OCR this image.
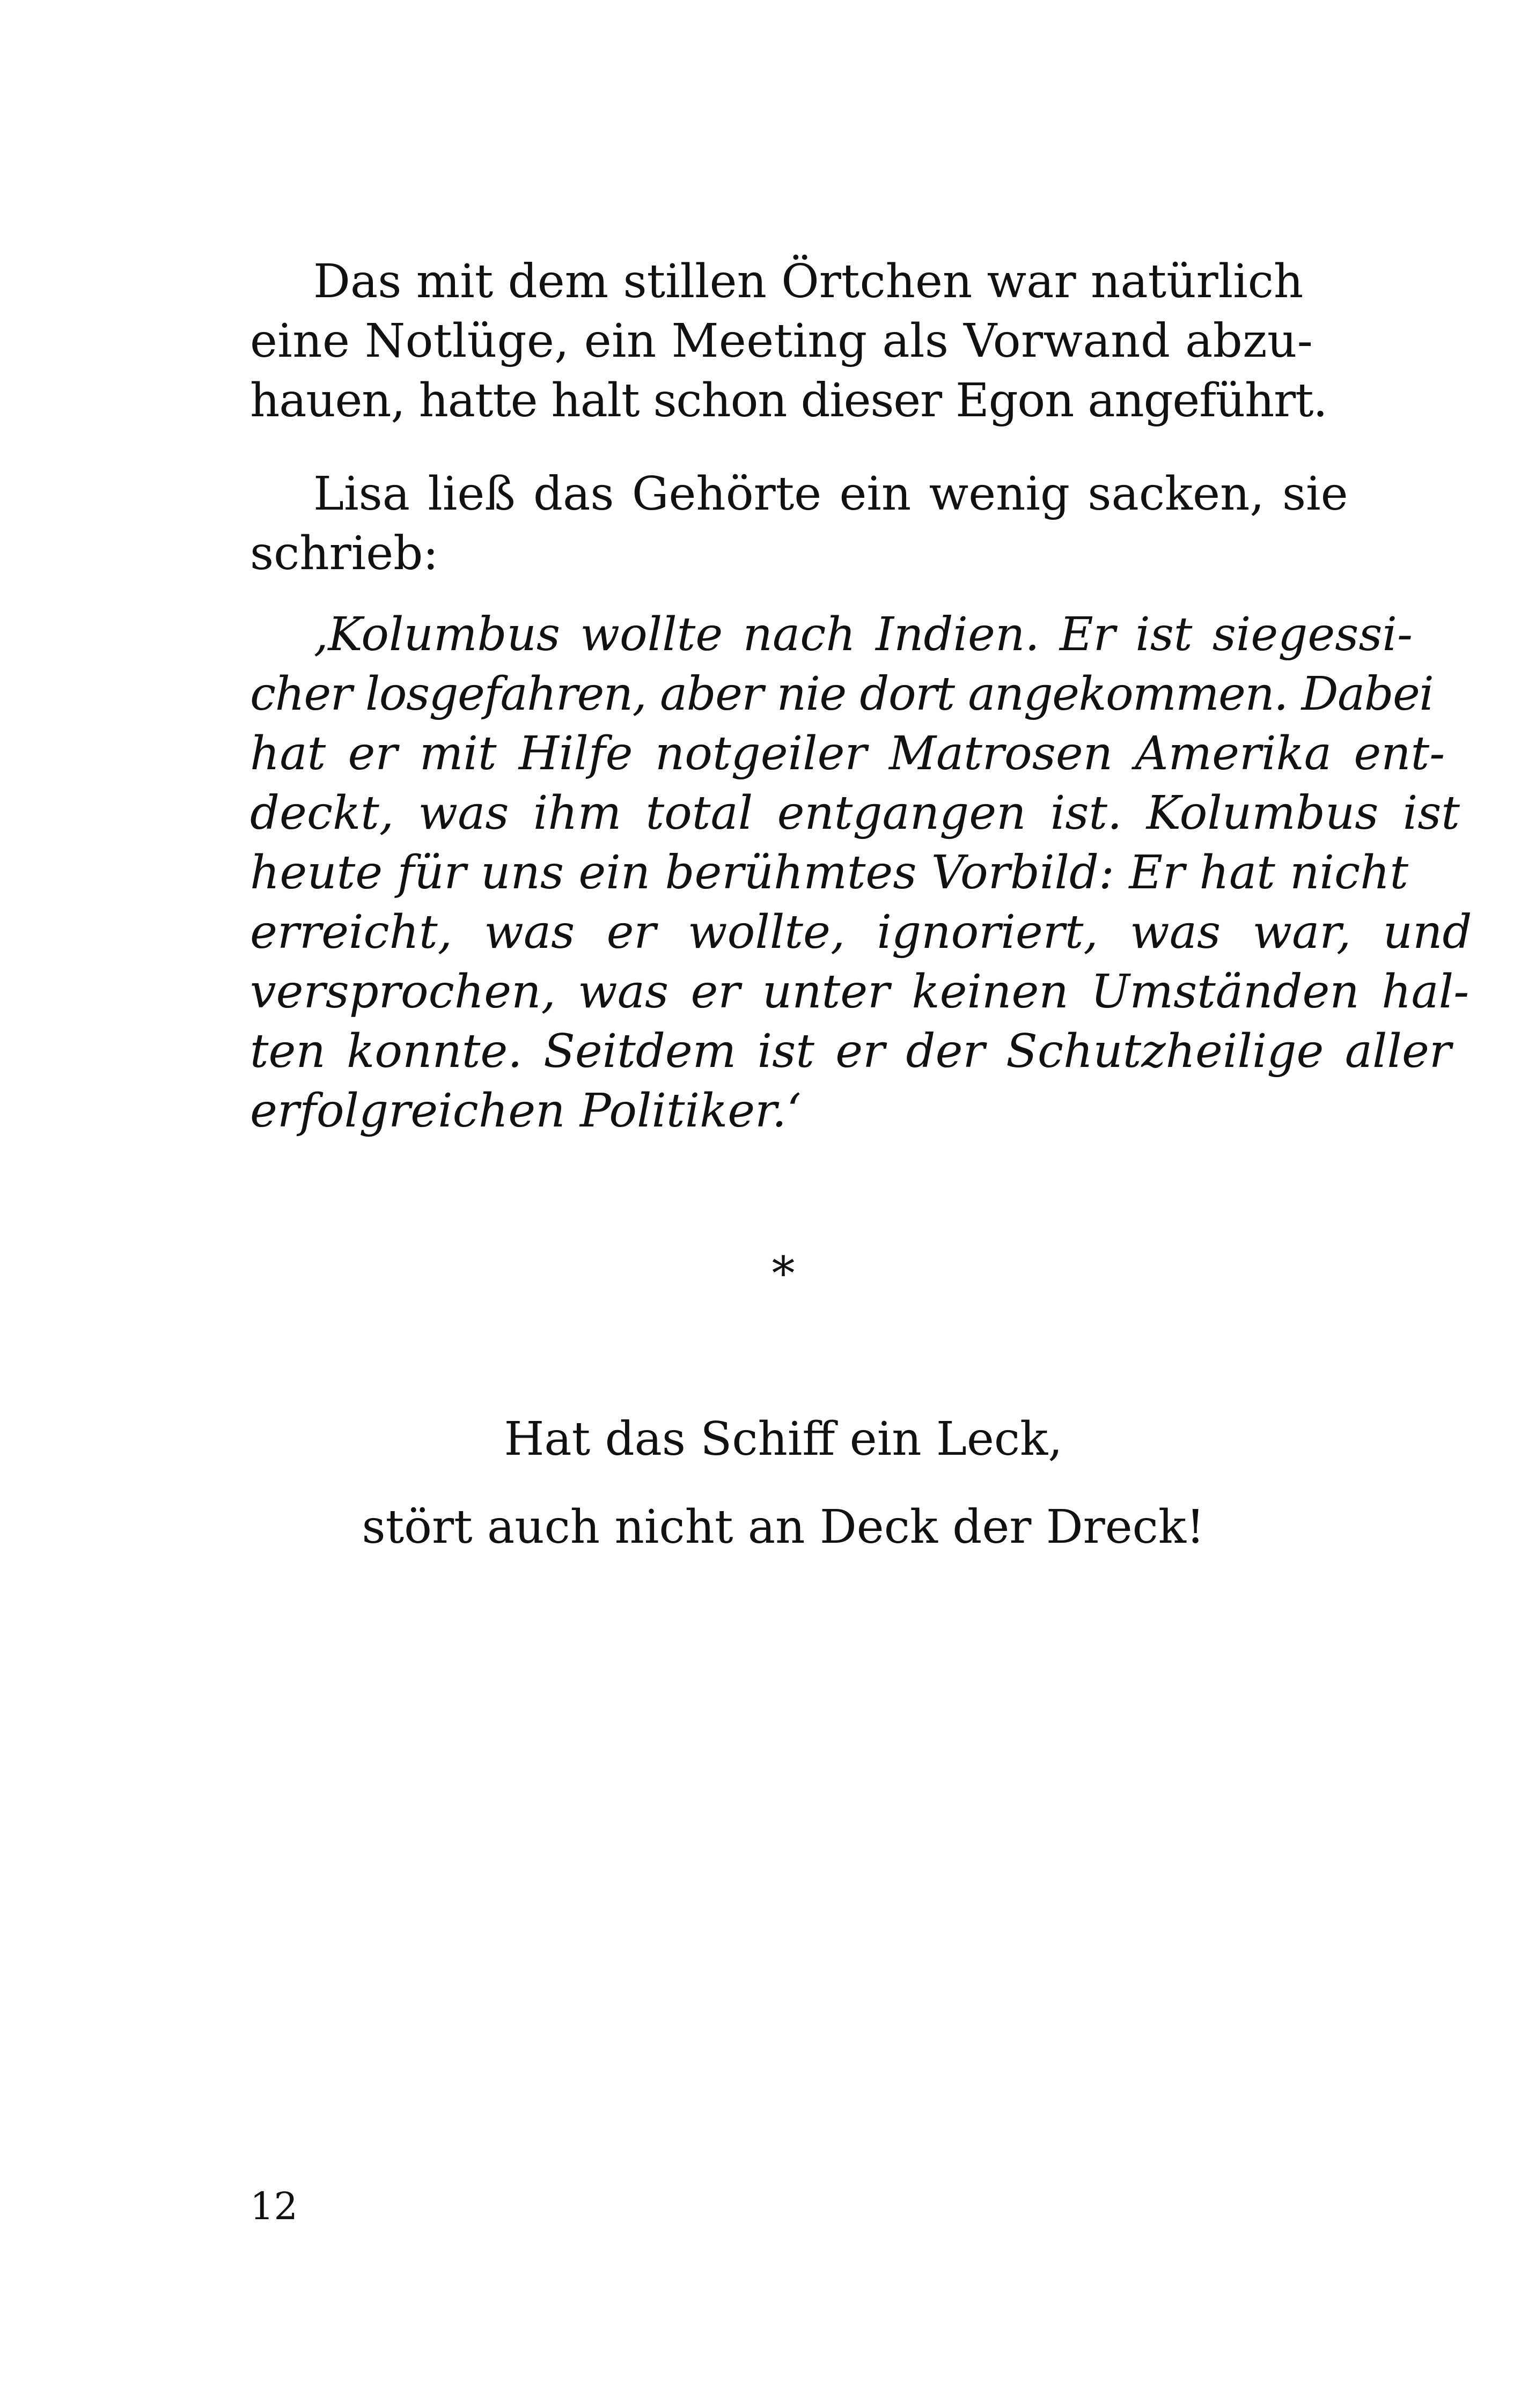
Das mit dem stillen Örtchen war natürlich
eine Notlüge, ein Meeting als Vorwand abzu-
hauen, hatte halt schon dieser Egon angeführt.
Lisa ließ das Gehörte ein wenig sacken, sie
schrieb:
‚Kolumbus wollte nach Indien. Er ist siegessi-
cher losgefahren, aber nie dort angekommen. Dabei
hat er mit Hilfe notgeiler Matrosen Amerika ent-
deckt, was ihm total entgangen ist. Kolumbus ist
heute für uns ein berühmtes Vorbild: Er hat nicht
erreicht, was er wollte, ignoriert, was war, und
versprochen, was er unter keinen Umständen hal-
ten konnte. Seitdem ist er der Schutzheilige aller
erfolgreichen Politiker.‘
*
Hat das Schiff ein Leck,
stört auch nicht an Deck der Dreck!
12
